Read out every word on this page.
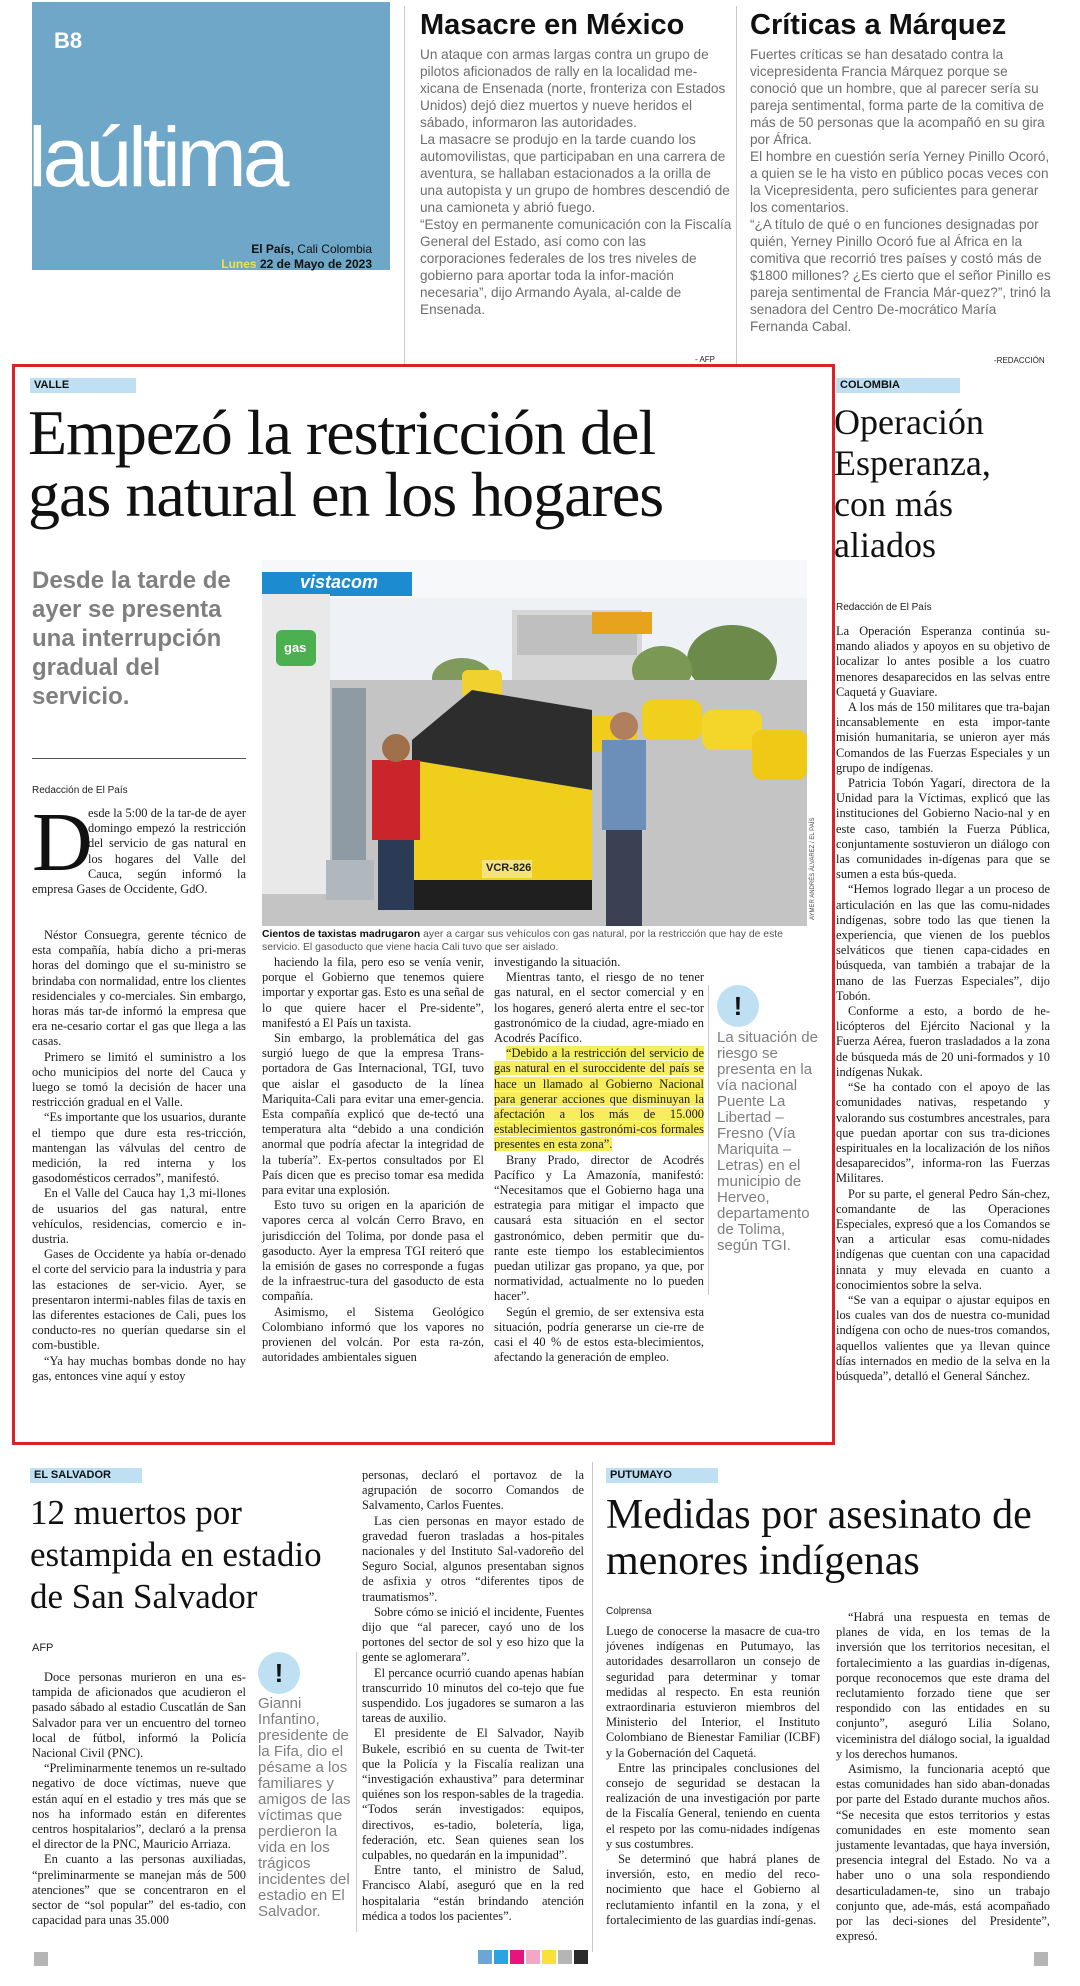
B8
laúltima
El País, Cali Colombia
Lunes 22 de Mayo de 2023
Masacre en México

Un ataque con armas largas contra un grupo de pilotos aficionados de rally en la localidad me-xicana de Ensenada (norte, fronteriza con Estados Unidos) dejó diez muertos y nueve heridos el sábado, informaron las autoridades.

La masacre se produjo en la tarde cuando los automovilistas, que participaban en una carrera de aventura, se hallaban estacionados a la orilla de una autopista y un grupo de hombres descendió de una camioneta y abrió fuego.

“Estoy en permanente comunicación con la Fiscalía General del Estado, así como con las corporaciones federales de los tres niveles de gobierno para aportar toda la infor-mación necesaria”, dijo Armando Ayala, al-calde de Ensenada.

- AFP
Críticas a Márquez

Fuertes críticas se han desatado contra la vicepresidenta Francia Márquez porque se conoció que un hombre, que al parecer sería su pareja sentimental, forma parte de la comitiva de más de 50 personas que la acompañó en su gira por África.

El hombre en cuestión sería Yerney Pinillo Ocoró, a quien se le ha visto en público pocas veces con la Vicepresidenta, pero suficientes para generar los comentarios.

“¿A título de qué o en funciones designadas por quién, Yerney Pinillo Ocoró fue al África en la comitiva que recorrió tres países y costó más de $1800 millones? ¿Es cierto que el señor Pinillo es pareja sentimental de Francia Már-quez?”, trinó la senadora del Centro De-mocrático María Fernanda Cabal.

-REDACCIÓN
VALLE
Empezó la restricción del
gas natural en los hogares
Desde la tarde de ayer se presenta una interrupción gradual del servicio.
Redacción de El País
vistacom
gas
VCR-826	AYMER ANDRÉS ÁLVAREZ / EL PAÍS
Cientos de taxistas madrugaron ayer a cargar sus vehículos con gas natural, por la restricción que hay de este servicio. El gasoducto que viene hacia Cali tuvo que ser aislado.
D

esde la 5:00 de la tar-de de ayer domingo empezó la restricción del servicio de gas natural en los hogares del Valle del Cauca, según informó la empresa Gases de Occidente, GdO.

Néstor Consuegra, gerente técnico de esta compañía, había dicho a pri-meras horas del domingo que el su-ministro se brindaba con normalidad, entre los clientes residenciales y co-merciales. Sin embargo, horas más tar-de informó la empresa que era ne-cesario cortar el gas que llega a las casas.

Primero se limitó el suministro a los ocho municipios del norte del Cauca y luego se tomó la decisión de hacer una restricción gradual en el Valle.

“Es importante que los usuarios, durante el tiempo que dure esta res-tricción, mantengan las válvulas del centro de medición, la red interna y los gasodomésticos cerrados”, manifestó.

En el Valle del Cauca hay 1,3 mi-llones de usuarios del gas natural, entre vehículos, residencias, comercio e in-dustria.

Gases de Occidente ya había or-denado el corte del servicio para la industria y para las estaciones de ser-vicio. Ayer, se presentaron intermi-nables filas de taxis en las diferentes estaciones de Cali, pues los conducto-res no querían quedarse sin el com-bustible.

“Ya hay muchas bombas donde no hay gas, entonces vine aquí y estoy

haciendo la fila, pero eso se venía venir, porque el Gobierno que tenemos quiere importar y exportar gas. Esto es una señal de lo que quiere hacer el Pre-sidente”, manifestó a El País un taxista.

Sin embargo, la problemática del gas surgió luego de que la empresa Trans-portadora de Gas Internacional, TGI, tuvo que aislar el gasoducto de la línea Mariquita-Cali para evitar una emer-gencia. Esta compañía explicó que de-tectó una temperatura alta “debido a una condición anormal que podría afectar la integridad de la tubería”. Ex-pertos consultados por El País dicen que es preciso tomar esa medida para evitar una explosión.

Esto tuvo su origen en la aparición de vapores cerca al volcán Cerro Bravo, en jurisdicción del Tolima, por donde pasa el gasoducto. Ayer la empresa TGI reiteró que la emisión de gases no corresponde a fugas de la infraestruc-tura del gasoducto de esta compañía.

Asimismo, el Sistema Geológico Colombiano informó que los vapores no provienen del volcán. Por esta ra-zón, autoridades ambientales siguen

investigando la situación.

Mientras tanto, el riesgo de no tener gas natural, en el sector comercial y en los hogares, generó alerta entre el sec-tor gastronómico de la ciudad, agre-miado en Acodrés Pacífico.

“Debido a la restricción del servicio de gas natural en el suroccidente del país se hace un llamado al Gobierno Nacional para generar acciones que disminuyan la afectación a los más de 15.000 establecimientos gastronómi-cos formales presentes en esta zona”.

Brany Prado, director de Acodrés Pacífico y La Amazonía, manifestó: “Necesitamos que el Gobierno haga una estrategia para mitigar el impacto que causará esta situación en el sector gastronómico, deben permitir que du-rante este tiempo los establecimientos puedan utilizar gas propano, ya que, por normatividad, actualmente no lo pueden hacer”.

Según el gremio, de ser extensiva esta situación, podría generarse un cie-rre de casi el 40 % de estos esta-blecimientos, afectando la generación de empleo.

!
La situación de riesgo se presenta en la vía nacional Puente La Libertad – Fresno (Vía Mariquita – Letras) en el municipio de Herveo, departamento de Tolima, según TGI.
COLOMBIA
Operación Esperanza, con más aliados
Redacción de El País

La Operación Esperanza continúa su-mando aliados y apoyos en su objetivo de localizar lo antes posible a los cuatro menores desaparecidos en las selvas entre Caquetá y Guaviare.

A los más de 150 militares que tra-bajan incansablemente en esta impor-tante misión humanitaria, se unieron ayer más Comandos de las Fuerzas Especiales y un grupo de indígenas.

Patricia Tobón Yagarí, directora de la Unidad para la Víctimas, explicó que las instituciones del Gobierno Nacio-nal y en este caso, también la Fuerza Pública, conjuntamente sostuvieron un diálogo con las comunidades in-dígenas para que se sumen a esta bús-queda.

“Hemos logrado llegar a un proceso de articulación en las que las comu-nidades indígenas, sobre todo las que tienen la experiencia, que vienen de los pueblos selváticos que tienen capa-cidades en búsqueda, van también a trabajar de la mano de las Fuerzas Especiales”, dijo Tobón.

Conforme a esto, a bordo de he-licópteros del Ejército Nacional y la Fuerza Aérea, fueron trasladados a la zona de búsqueda más de 20 uni-formados y 10 indígenas Nukak.

“Se ha contado con el apoyo de las comunidades nativas, respetando y valorando sus costumbres ancestrales, para que puedan aportar con sus tra-diciones espirituales en la localización de los niños desaparecidos”, informa-ron las Fuerzas Militares.

Por su parte, el general Pedro Sán-chez, comandante de las Operaciones Especiales, expresó que a los Comandos se van a articular esas comu-nidades indígenas que cuentan con una capacidad innata y muy elevada en cuanto a conocimientos sobre la selva.

“Se van a equipar o ajustar equipos en los cuales van dos de nuestra co-munidad indígena con ocho de nues-tros comandos, aquellos valientes que ya llevan quince días internados en medio de la selva en la búsqueda”, detalló el General Sánchez.

EL SALVADOR
12 muertos por estampida en estadio de San Salvador
AFP

Doce personas murieron en una es-tampida de aficionados que acudieron el pasado sábado al estadio Cuscatlán de San Salvador para ver un encuentro del torneo local de fútbol, informó la Policía Nacional Civil (PNC).

“Preliminarmente tenemos un re-sultado negativo de doce víctimas, nueve que están aquí en el estadio y tres más que se nos ha informado están en diferentes centros hospitalarios”, declaró a la prensa el director de la PNC, Mauricio Arriaza.

En cuanto a las personas auxiliadas, “preliminarmente se manejan más de 500 atenciones” que se concentraron en el sector de “sol popular” del es-tadio, con capacidad para unas 35.000

!
Gianni Infantino, presidente de la Fifa, dio el pésame a los familiares y amigos de las víctimas que perdieron la vida en los trágicos incidentes del estadio en El Salvador.

personas, declaró el portavoz de la agrupación de socorro Comandos de Salvamento, Carlos Fuentes.

Las cien personas en mayor estado de gravedad fueron trasladas a hos-pitales nacionales y del Instituto Sal-vadoreño del Seguro Social, algunos presentaban signos de asfixia y otros “diferentes tipos de traumatismos”.

Sobre cómo se inició el incidente, Fuentes dijo que “al parecer, cayó uno de los portones del sector de sol y eso hizo que la gente se aglomerara”.

El percance ocurrió cuando apenas habían transcurrido 10 minutos del co-tejo que fue suspendido. Los jugadores se sumaron a las tareas de auxilio.

El presidente de El Salvador, Nayib Bukele, escribió en su cuenta de Twit-ter que la Policía y la Fiscalía realizan una “investigación exhaustiva” para determinar quiénes son los respon-sables de la tragedia. “Todos serán investigados: equipos, directivos, es-tadio, boletería, liga, federación, etc. Sean quienes sean los culpables, no quedarán en la impunidad”.

Entre tanto, el ministro de Salud, Francisco Alabí, aseguró que en la red hospitalaria “están brindando atención médica a todos los pacientes”.

PUTUMAYO
Medidas por asesinato de menores indígenas
Colprensa

Luego de conocerse la masacre de cua-tro jóvenes indígenas en Putumayo, las autoridades desarrollaron un consejo de seguridad para determinar y tomar medidas al respecto. En esta reunión extraordinaria estuvieron miembros del Ministerio del Interior, el Instituto Colombiano de Bienestar Familiar (ICBF) y la Gobernación del Caquetá.

Entre las principales conclusiones del consejo de seguridad se destacan la realización de una investigación por parte de la Fiscalía General, teniendo en cuenta el respeto por las comu-nidades indígenas y sus costumbres.

Se determinó que habrá planes de inversión, esto, en medio del reco-nocimiento que hace el Gobierno al reclutamiento infantil en la zona, y el fortalecimiento de las guardias indí-genas.

“Habrá una respuesta en temas de planes de vida, en los temas de la inversión que los territorios necesitan, el fortalecimiento a las guardias in-dígenas, porque reconocemos que este drama del reclutamiento forzado tiene que ser respondido con las entidades en su conjunto”, aseguró Lilia Solano, viceministra del diálogo social, la igualdad y los derechos humanos.

Asimismo, la funcionaria aceptó que estas comunidades han sido aban-donadas por parte del Estado durante muchos años. “Se necesita que estos territorios y estas comunidades en este momento sean justamente levantadas, que haya inversión, presencia integral del Estado. No va a haber uno o una sola respondiendo desarticuladamen-te, sino un trabajo conjunto que, ade-más, está acompañado por las deci-siones del Presidente”, expresó.
